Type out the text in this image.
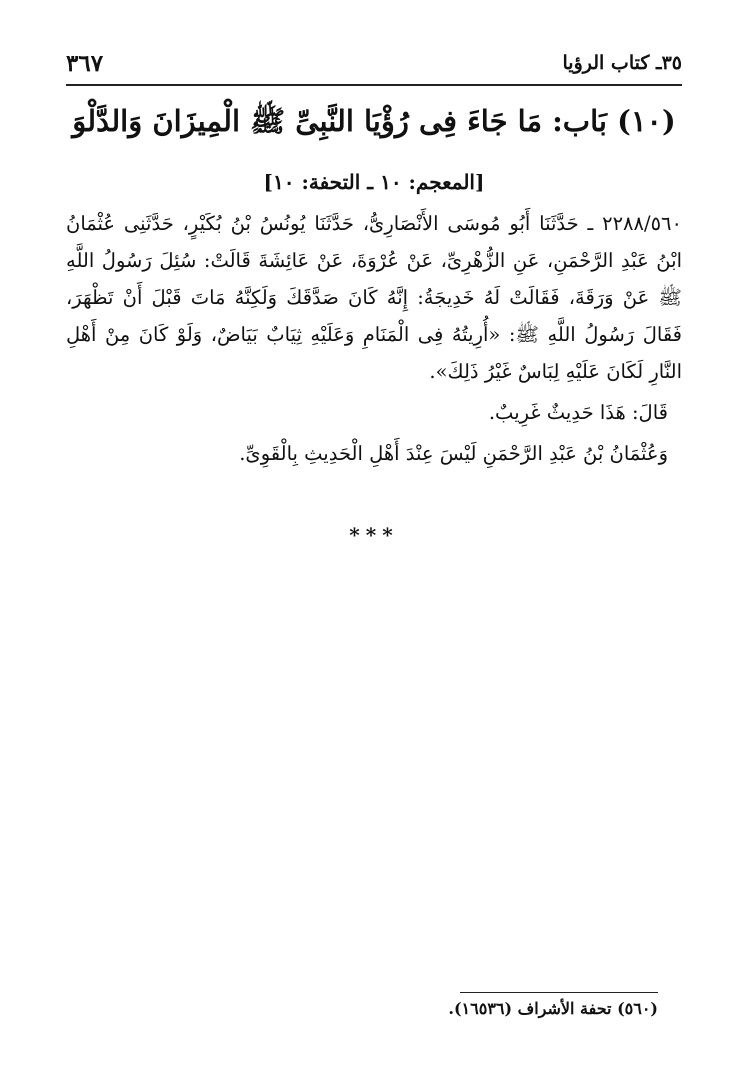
٣٥ـ كتاب الرؤيا
٣٦٧
(١٠) بَاب: مَا جَاءَ فِى رُؤْيَا النَّبِىِّ ﷺ الْمِيزَانَ وَالدَّلْوَ
[المعجم: ١٠ ـ التحفة: ١٠]

٢٢٨٨/٥٦٠ ـ حَدَّثَنَا أَبُو مُوسَى الأَنْصَارِىُّ، حَدَّثَنَا يُونُسُ بْنُ بُكَيْرٍ، حَدَّثَنِى عُثْمَانُ ابْنُ عَبْدِ الرَّحْمَنِ، عَنِ الزُّهْرِىِّ، عَنْ عُرْوَةَ، عَنْ عَائِشَةَ قَالَتْ: سُئِلَ رَسُولُ اللَّهِ ﷺ عَنْ وَرَقَةَ، فَقَالَتْ لَهُ خَدِيجَةُ: إِنَّهُ كَانَ صَدَّقَكَ وَلَكِنَّهُ مَاتَ قَبْلَ أَنْ تَظْهَرَ، فَقَالَ رَسُولُ اللَّهِ ﷺ: «أُرِيتُهُ فِى الْمَنَامِ وَعَلَيْهِ ثِيَابٌ بَيَاضٌ، وَلَوْ كَانَ مِنْ أَهْلِ النَّارِ لَكَانَ عَلَيْهِ لِبَاسٌ غَيْرُ ذَلِكَ».

قَالَ: هَذَا حَدِيثٌ غَرِيبٌ.

وَعُثْمَانُ بْنُ عَبْدِ الرَّحْمَنِ لَيْسَ عِنْدَ أَهْلِ الْحَدِيثِ بِالْقَوِىِّ.

***
(٥٦٠) تحفة الأشراف (١٦٥٣٦).
